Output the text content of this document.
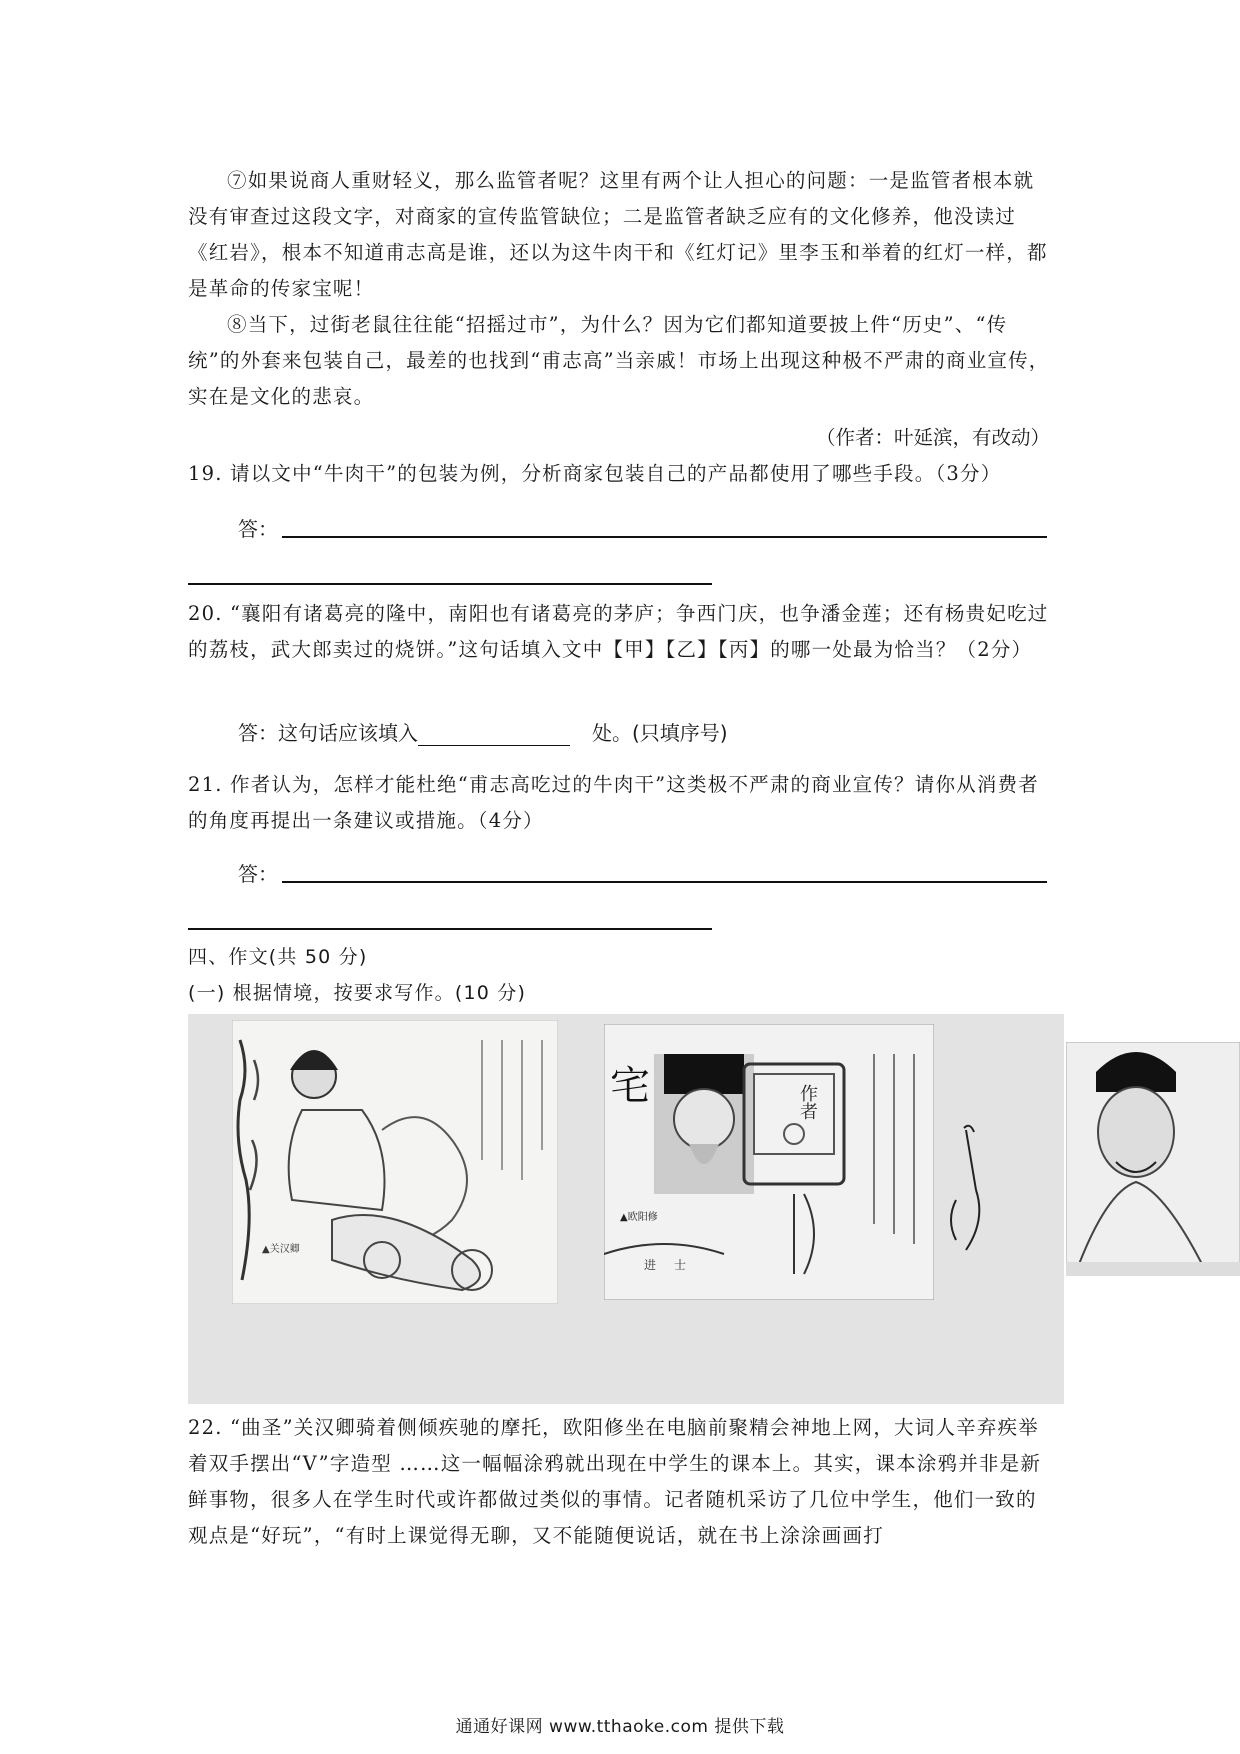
⑦如果说商人重财轻义，那么监管者呢？这里有两个让人担心的问题：一是监管者根本就没有审查过这段文字，对商家的宣传监管缺位；二是监管者缺乏应有的文化修养，他没读过《红岩》，根本不知道甫志高是谁，还以为这牛肉干和《红灯记》里李玉和举着的红灯一样，都是革命的传家宝呢！

⑧当下，过街老鼠往往能“招摇过市”，为什么？因为它们都知道要披上件“历史”、“传统”的外套来包装自己，最差的也找到“甫志高”当亲戚！市场上出现这种极不严肃的商业宣传，实在是文化的悲哀。

（作者：叶延滨，有改动）

19. 请以文中“牛肉干”的包装为例，分析商家包装自己的产品都使用了哪些手段。（3分）

答：

20. “襄阳有诸葛亮的隆中，南阳也有诸葛亮的茅庐；争西门庆，也争潘金莲；还有杨贵妃吃过的荔枝，武大郎卖过的烧饼。”这句话填入文中【甲】【乙】【丙】的哪一处最为恰当？（2分）

答：这句话应该填入	处。(只填序号)

21. 作者认为，怎样才能杜绝“甫志高吃过的牛肉干”这类极不严肃的商业宣传？请你从消费者的角度再提出一条建议或措施。（4分）

答：
四、作文(共 50 分)
(一) 根据情境，按要求写作。(10 分)
▲关汉卿
宅	作者
▲欧阳修
进士

22. “曲圣”关汉卿骑着侧倾疾驰的摩托，欧阳修坐在电脑前聚精会神地上网，大词人辛弃疾举着双手摆出“V”字造型 ……这一幅幅涂鸦就出现在中学生的课本上。其实，课本涂鸦并非是新鲜事物，很多人在学生时代或许都做过类似的事情。记者随机采访了几位中学生，他们一致的观点是“好玩”，“有时上课觉得无聊，又不能随便说话，就在书上涂涂画画打

通通好课网 www.tthaoke.com 提供下载
